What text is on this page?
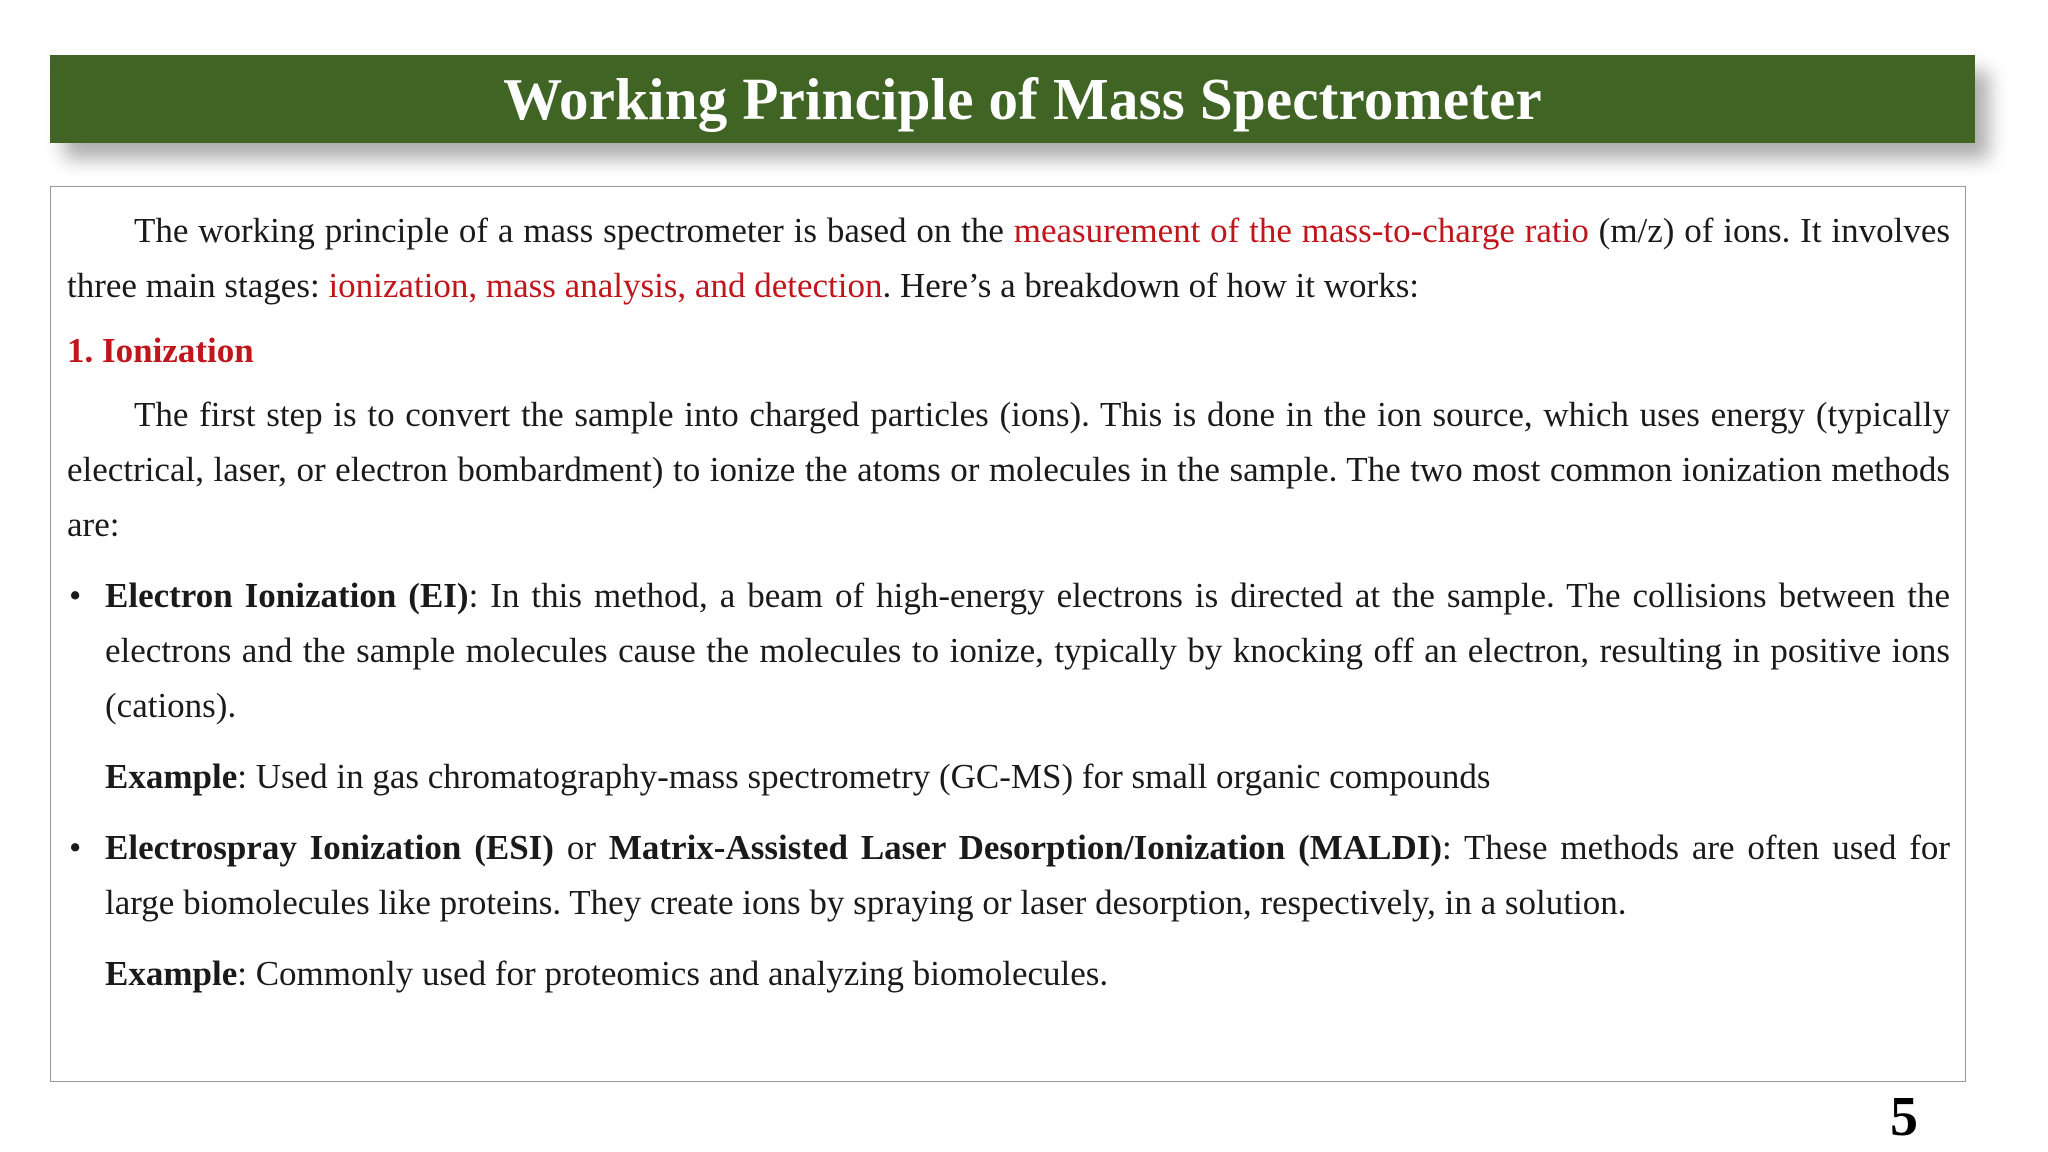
Working Principle of Mass Spectrometer

The working principle of a mass spectrometer is based on the measurement of the mass-to-charge ratio (m/z) of ions. It involves three main stages: ionization, mass analysis, and detection. Here’s a breakdown of how it works:

1. Ionization

The first step is to convert the sample into charged particles (ions). This is done in the ion source, which uses energy (typically electrical, laser, or electron bombardment) to ionize the atoms or molecules in the sample. The two most common ionization methods are:

• Electron Ionization (EI): In this method, a beam of high-energy electrons is directed at the sample. The collisions between the electrons and the sample molecules cause the molecules to ionize, typically by knocking off an electron, resulting in positive ions (cations).

Example: Used in gas chromatography-mass spectrometry (GC-MS) for small organic compounds
• Electrospray Ionization (ESI) or Matrix-Assisted Laser Desorption/Ionization (MALDI): These methods are often used for large biomolecules like proteins. They create ions by spraying or laser desorption, respectively, in a solution.

Example: Commonly used for proteomics and analyzing biomolecules.
5
